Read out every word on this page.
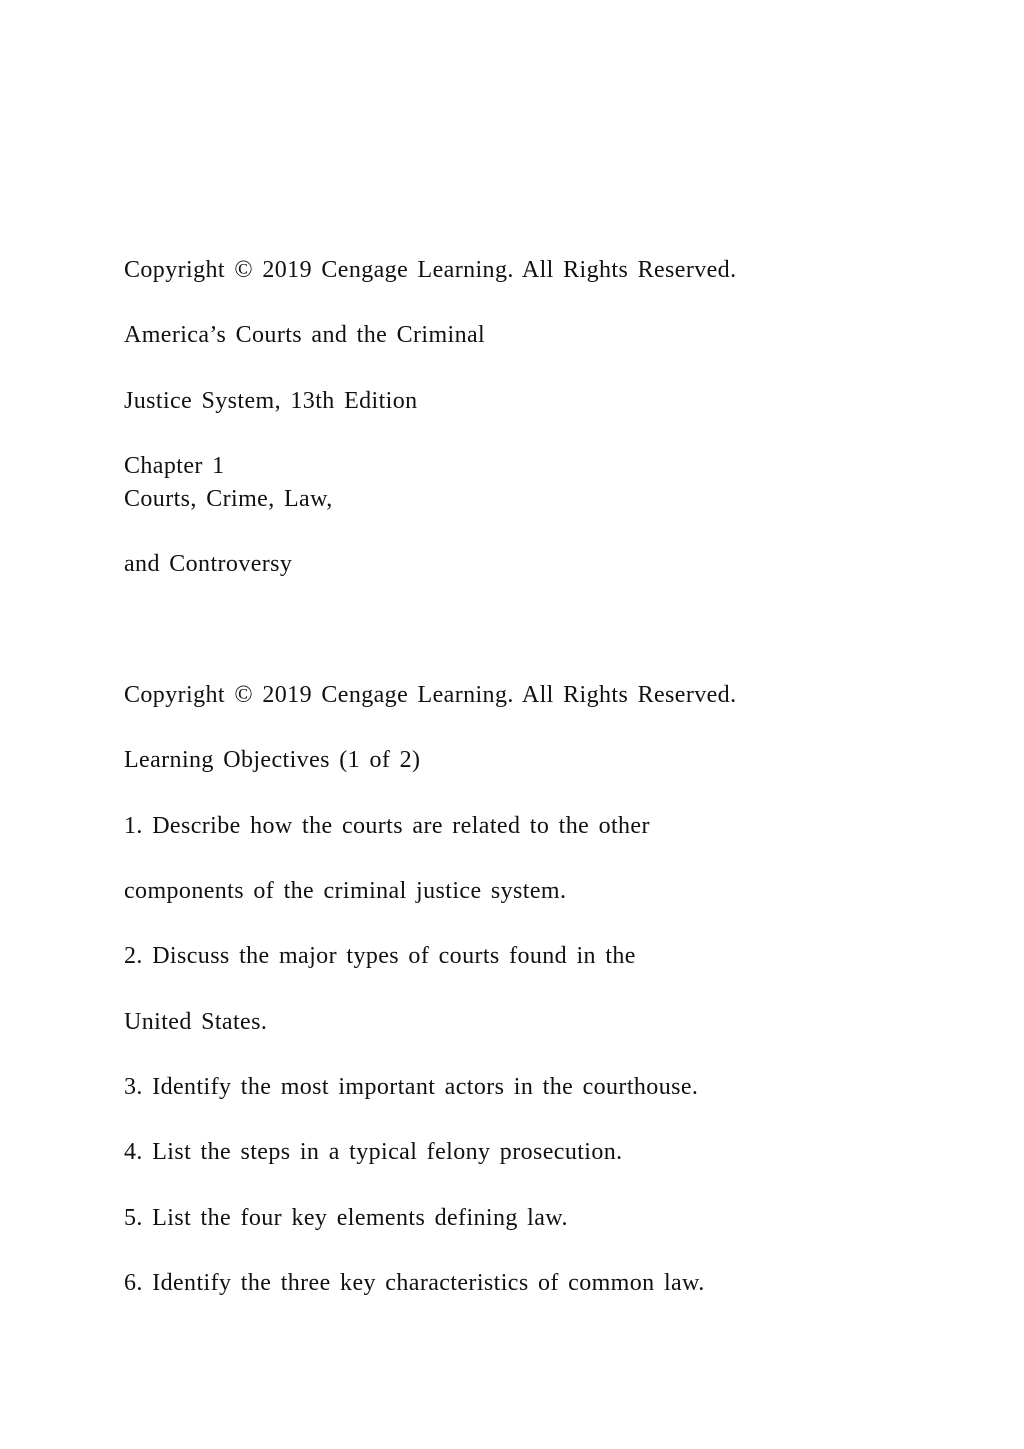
Copyright © 2019 Cengage Learning. All Rights Reserved.
America’s Courts and the Criminal
Justice System, 13th Edition
Chapter 1
Courts, Crime, Law,
and Controversy
Copyright © 2019 Cengage Learning. All Rights Reserved.
Learning Objectives (1 of 2)
1. Describe how the courts are related to the other
components of the criminal justice system.
2. Discuss the major types of courts found in the
United States.
3. Identify the most important actors in the courthouse.
4. List the steps in a typical felony prosecution.
5. List the four key elements defining law.
6. Identify the three key characteristics of common law.
